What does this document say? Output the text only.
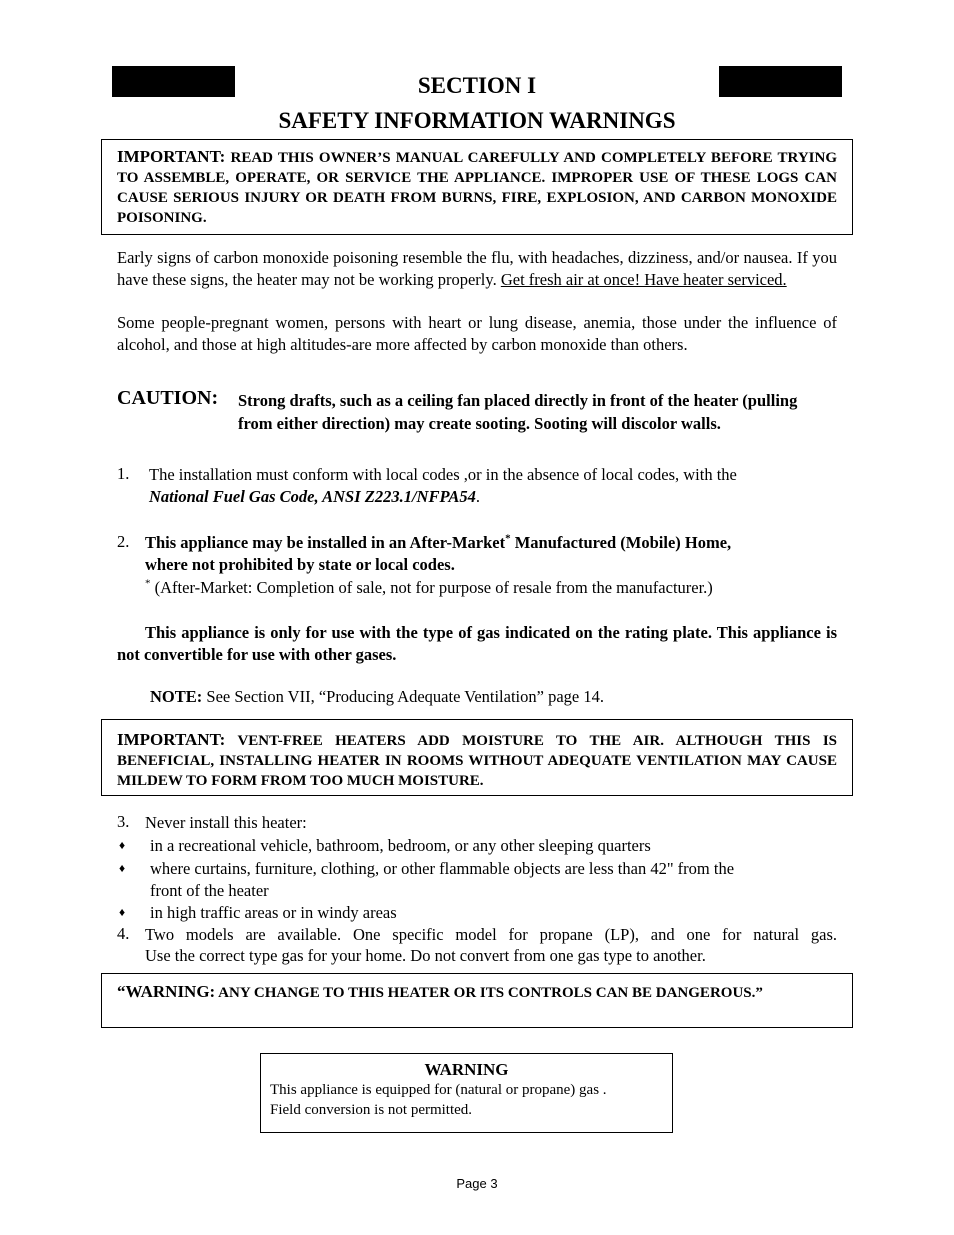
SECTION I
SAFETY INFORMATION WARNINGS
IMPORTANT: READ THIS OWNER’S MANUAL CAREFULLY AND COMPLETELY BEFORE TRYING TO ASSEMBLE, OPERATE, OR SERVICE THE APPLIANCE. IMPROPER USE OF THESE LOGS CAN CAUSE SERIOUS INJURY OR DEATH FROM BURNS, FIRE, EXPLOSION, AND CARBON MONOXIDE POISONING.
Early signs of carbon monoxide poisoning resemble the flu, with headaches, dizziness, and/or nausea. If you have these signs, the heater may not be working properly. Get fresh air at once! Have heater serviced.
Some people-pregnant women, persons with heart or lung disease, anemia, those under the influence of alcohol, and those at high altitudes-are more affected by carbon monoxide than others.
CAUTION: Strong drafts, such as a ceiling fan placed directly in front of the heater (pulling from either direction) may create sooting. Sooting will discolor walls.
1. The installation must conform with local codes ,or in the absence of local codes, with the
National Fuel Gas Code, ANSI Z223.1/NFPA54.
2. This appliance may be installed in an After-Market* Manufactured (Mobile) Home,
where not prohibited by state or local codes.
* (After-Market: Completion of sale, not for purpose of resale from the manufacturer.)
This appliance is only for use with the type of gas indicated on the rating plate. This appliance is not convertible for use with other gases.
NOTE: See Section VII, “Producing Adequate Ventilation” page 14.
IMPORTANT: VENT-FREE HEATERS ADD MOISTURE TO THE AIR. ALTHOUGH THIS IS BENEFICIAL, INSTALLING HEATER IN ROOMS WITHOUT ADEQUATE VENTILATION MAY CAUSE MILDEW TO FORM FROM TOO MUCH MOISTURE.
3. Never install this heater:
♦ in a recreational vehicle, bathroom, bedroom, or any other sleeping quarters
♦ where curtains, furniture, clothing, or other flammable objects are less than 42" from the
front of the heater
♦ in high traffic areas or in windy areas
4. Two models are available. One specific model for propane (LP), and one for natural gas.
Use the correct type gas for your home. Do not convert from one gas type to another.
“WARNING: ANY CHANGE TO THIS HEATER OR ITS CONTROLS CAN BE DANGEROUS.”
WARNING
This appliance is equipped for (natural or propane) gas .
Field conversion is not permitted.
Page 3
